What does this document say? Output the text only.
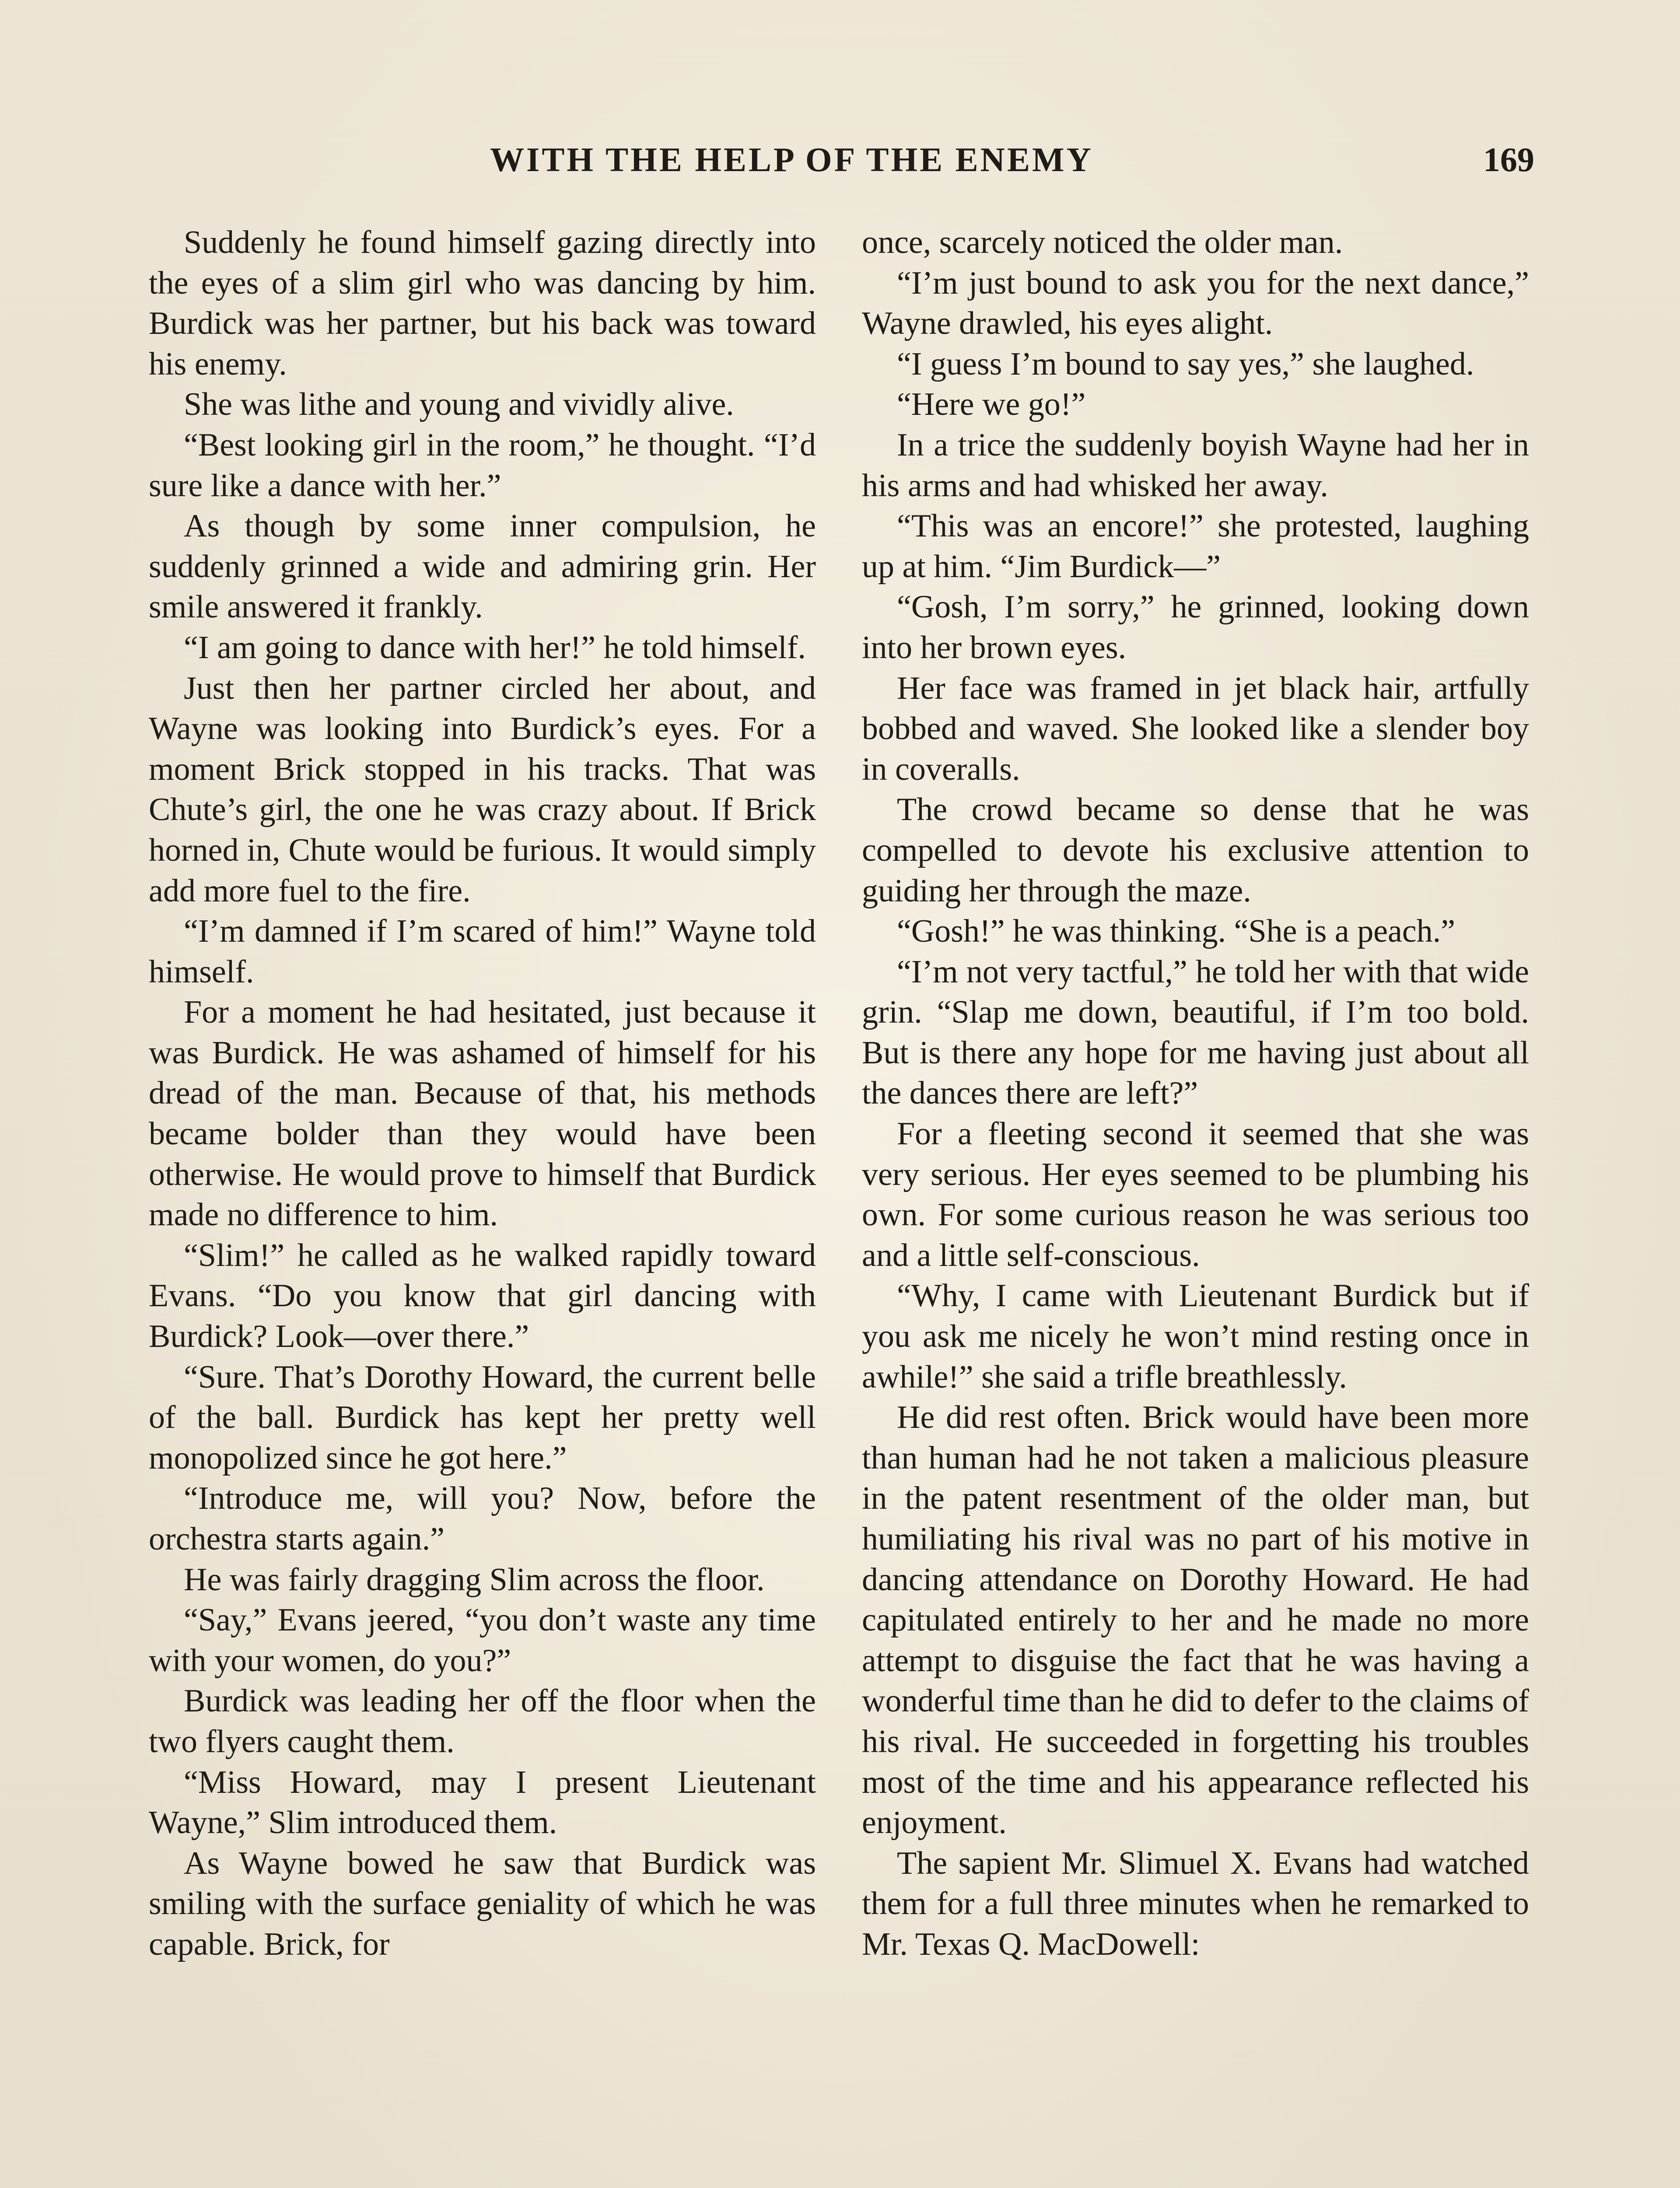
WITH THE HELP OF THE ENEMY	169

Suddenly he found himself gazing directly into the eyes of a slim girl who was dancing by him. Burdick was her partner, but his back was toward his enemy.

She was lithe and young and vividly alive.

“Best looking girl in the room,” he thought. “I’d sure like a dance with her.”

As though by some inner compulsion, he suddenly grinned a wide and admiring grin. Her smile answered it frankly.

“I am going to dance with her!” he told himself.

Just then her partner circled her about, and Wayne was looking into Burdick’s eyes. For a moment Brick stopped in his tracks. That was Chute’s girl, the one he was crazy about. If Brick horned in, Chute would be furious. It would simply add more fuel to the fire.

“I’m damned if I’m scared of him!” Wayne told himself.

For a moment he had hesitated, just because it was Burdick. He was ashamed of himself for his dread of the man. Because of that, his methods became bolder than they would have been otherwise. He would prove to himself that Burdick made no difference to him.

“Slim!” he called as he walked rapidly toward Evans. “Do you know that girl dancing with Burdick? Look—over there.”

“Sure. That’s Dorothy Howard, the current belle of the ball. Burdick has kept her pretty well monopolized since he got here.”

“Introduce me, will you? Now, before the orchestra starts again.”

He was fairly dragging Slim across the floor.

“Say,” Evans jeered, “you don’t waste any time with your women, do you?”

Burdick was leading her off the floor when the two flyers caught them.

“Miss Howard, may I present Lieutenant Wayne,” Slim introduced them.

As Wayne bowed he saw that Burdick was smiling with the surface geniality of which he was capable. Brick, for

once, scarcely noticed the older man.

“I’m just bound to ask you for the next dance,” Wayne drawled, his eyes alight.

“I guess I’m bound to say yes,” she laughed.

“Here we go!”

In a trice the suddenly boyish Wayne had her in his arms and had whisked her away.

“This was an encore!” she protested, laughing up at him. “Jim Burdick—”

“Gosh, I’m sorry,” he grinned, looking down into her brown eyes.

Her face was framed in jet black hair, artfully bobbed and waved. She looked like a slender boy in coveralls.

The crowd became so dense that he was compelled to devote his exclusive attention to guiding her through the maze.

“Gosh!” he was thinking. “She is a peach.”

“I’m not very tactful,” he told her with that wide grin. “Slap me down, beautiful, if I’m too bold. But is there any hope for me having just about all the dances there are left?”

For a fleeting second it seemed that she was very serious. Her eyes seemed to be plumbing his own. For some curious reason he was serious too and a little self-conscious.

“Why, I came with Lieutenant Burdick but if you ask me nicely he won’t mind resting once in awhile!” she said a trifle breathlessly.

He did rest often. Brick would have been more than human had he not taken a malicious pleasure in the patent resentment of the older man, but humiliating his rival was no part of his motive in dancing attendance on Dorothy Howard. He had capitulated entirely to her and he made no more attempt to disguise the fact that he was having a wonderful time than he did to defer to the claims of his rival. He succeeded in forgetting his troubles most of the time and his appearance reflected his enjoyment.

The sapient Mr. Slimuel X. Evans had watched them for a full three minutes when he remarked to Mr. Texas Q. MacDowell:
